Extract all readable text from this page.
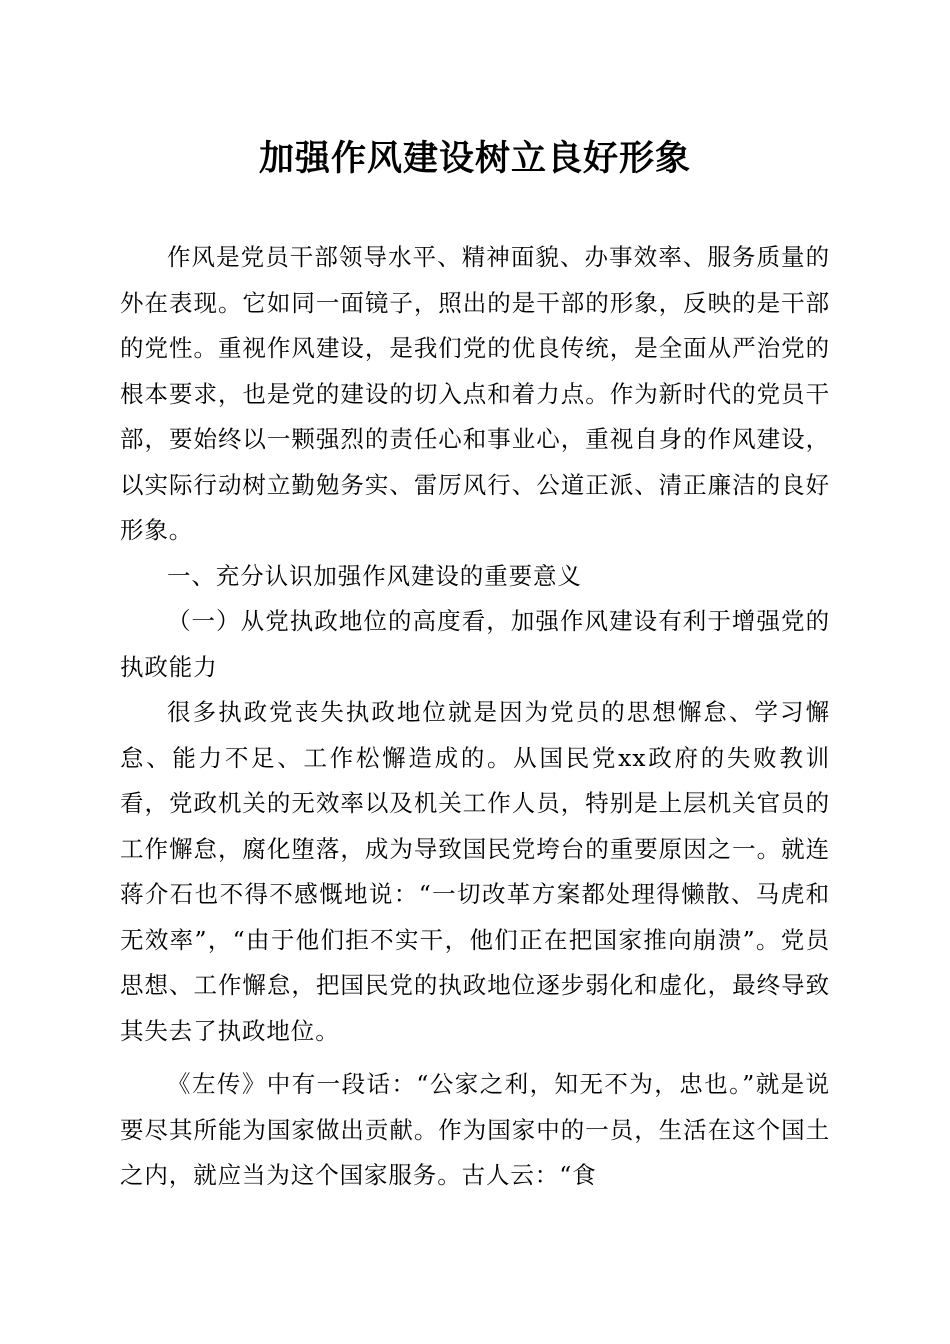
加强作风建设树立良好形象

作风是党员干部领导水平、精神面貌、办事效率、服务质量的外在表现。它如同一面镜子，照出的是干部的形象，反映的是干部的党性。重视作风建设，是我们党的优良传统，是全面从严治党的根本要求，也是党的建设的切入点和着力点。作为新时代的党员干部，要始终以一颗强烈的责任心和事业心，重视自身的作风建设，以实际行动树立勤勉务实、雷厉风行、公道正派、清正廉洁的良好形象。

一、充分认识加强作风建设的重要意义

（一）从党执政地位的高度看，加强作风建设有利于增强党的执政能力

很多执政党丧失执政地位就是因为党员的思想懈怠、学习懈怠、能力不足、工作松懈造成的。从国民党xx政府的失败教训看，党政机关的无效率以及机关工作人员，特别是上层机关官员的工作懈怠，腐化堕落，成为导致国民党垮台的重要原因之一。就连蒋介石也不得不感慨地说：“一切改革方案都处理得懒散、马虎和无效率”，“由于他们拒不实干，他们正在把国家推向崩溃”。党员思想、工作懈怠，把国民党的执政地位逐步弱化和虚化，最终导致其失去了执政地位。

《左传》中有一段话：“公家之利，知无不为，忠也。”就是说要尽其所能为国家做出贡献。作为国家中的一员，生活在这个国土之内，就应当为这个国家服务。古人云：“食
